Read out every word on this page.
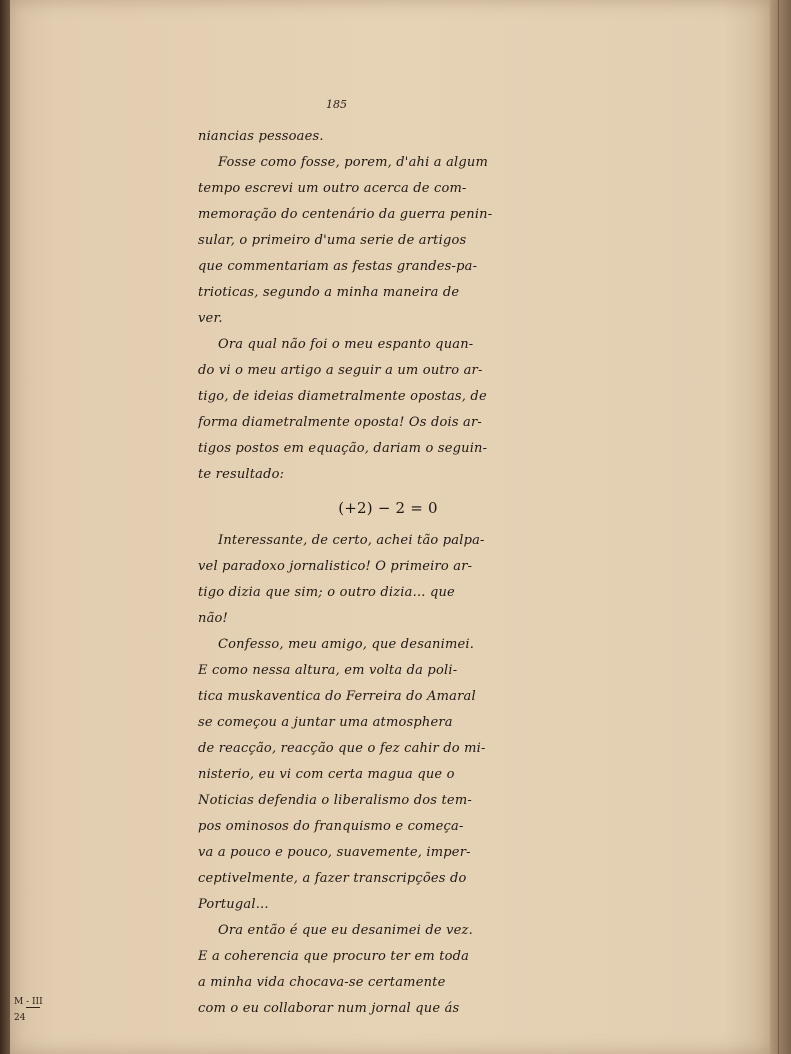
185
niancias pessoaes.
Fosse como fosse, porem, d'ahi a algum
tempo escrevi um outro acerca de com-
memoração do centenário da guerra penin-
sular, o primeiro d'uma serie de artigos
que commentariam as festas grandes-pa-
trioticas, segundo a minha maneira de
ver.
Ora qual não foi o meu espanto quan-
do vi o meu artigo a seguir a um outro ar-
tigo, de ideias diametralmente opostas, de
forma diametralmente oposta! Os dois ar-
tigos postos em equação, dariam o seguin-
te resultado:
(+2) − 2 = 0
Interessante, de certo, achei tão palpa-
vel paradoxo jornalistico! O primeiro ar-
tigo dizia que sim; o outro dizia... que
não!
Confesso, meu amigo, que desanimei.
E como nessa altura, em volta da poli-
tica muskaventica do Ferreira do Amaral
se começou a juntar uma atmosphera
de reacção, reacção que o fez cahir do mi-
nisterio, eu vi com certa magua que o
Noticias defendia o liberalismo dos tem-
pos ominosos do franquismo e começa-
va a pouco e pouco, suavemente, imper-
ceptivelmente, a fazer transcripções do
Portugal...
Ora então é que eu desanimei de vez.
E a coherencia que procuro ter em toda
a minha vida chocava-se certamente
com o eu collaborar num jornal que ás
M - III
24
